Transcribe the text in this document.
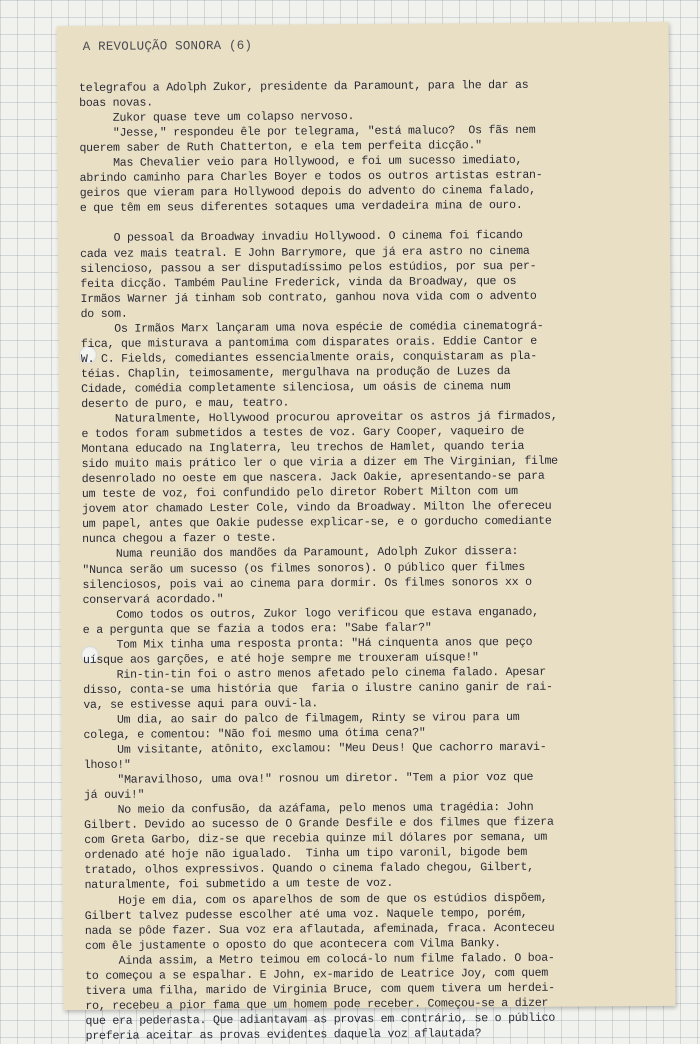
A REVOLUÇÃO SONORA (6)
telegrafou a Adolph Zukor, presidente da Paramount, para lhe dar as
boas novas.
Zukor quase teve um colapso nervoso.
"Jesse," respondeu êle por telegrama, "está maluco?  Os fãs nem
querem saber de Ruth Chatterton, e ela tem perfeita dicção."
Mas Chevalier veio para Hollywood, e foi um sucesso imediato,
abrindo caminho para Charles Boyer e todos os outros artistas estran-
geiros que vieram para Hollywood depois do advento do cinema falado,
e que têm em seus diferentes sotaques uma verdadeira mina de ouro.
O pessoal da Broadway invadiu Hollywood. O cinema foi ficando
cada vez mais teatral. E John Barrymore, que já era astro no cinema
silencioso, passou a ser disputadíssimo pelos estúdios, por sua per-
feita dicção. Também Pauline Frederick, vinda da Broadway, que os
Irmãos Warner já tinham sob contrato, ganhou nova vida com o advento
do som.
Os Irmãos Marx lançaram uma nova espécie de comédia cinematográ-
fica, que misturava a pantomima com disparates orais. Eddie Cantor e
W. C. Fields, comediantes essencialmente orais, conquistaram as pla-
téias. Chaplin, teimosamente, mergulhava na produção de Luzes da
Cidade, comédia completamente silenciosa, um oásis de cinema num
deserto de puro, e mau, teatro.
Naturalmente, Hollywood procurou aproveitar os astros já firmados,
e todos foram submetidos a testes de voz. Gary Cooper, vaqueiro de
Montana educado na Inglaterra, leu trechos de Hamlet, quando teria
sido muito mais prático ler o que viria a dizer em The Virginian, filme
desenrolado no oeste em que nascera. Jack Oakie, apresentando-se para
um teste de voz, foi confundido pelo diretor Robert Milton com um
jovem ator chamado Lester Cole, vindo da Broadway. Milton lhe ofereceu
um papel, antes que Oakie pudesse explicar-se, e o gorducho comediante
nunca chegou a fazer o teste.
Numa reunião dos mandões da Paramount, Adolph Zukor dissera:
"Nunca serão um sucesso (os filmes sonoros). O público quer filmes
silenciosos, pois vai ao cinema para dormir. Os filmes sonoros xx o
conservará acordado."
Como todos os outros, Zukor logo verificou que estava enganado,
e a pergunta que se fazia a todos era: "Sabe falar?"
Tom Mix tinha uma resposta pronta: "Há cinquenta anos que peço
uísque aos garções, e até hoje sempre me trouxeram uísque!"
Rin-tin-tin foi o astro menos afetado pelo cinema falado. Apesar
disso, conta-se uma história que  faria o ilustre canino ganir de rai-
va, se estivesse aqui para ouvi-la.
Um dia, ao sair do palco de filmagem, Rinty se virou para um
colega, e comentou: "Não foi mesmo uma ótima cena?"
Um visitante, atônito, exclamou: "Meu Deus! Que cachorro maravi-
lhoso!"
"Maravilhoso, uma ova!" rosnou um diretor. "Tem a pior voz que
já ouvi!"
No meio da confusão, da azáfama, pelo menos uma tragédia: John
Gilbert. Devido ao sucesso de O Grande Desfile e dos filmes que fizera
com Greta Garbo, diz-se que recebia quinze mil dólares por semana, um
ordenado até hoje não igualado.  Tinha um tipo varonil, bigode bem
tratado, olhos expressivos. Quando o cinema falado chegou, Gilbert,
naturalmente, foi submetido a um teste de voz.
Hoje em dia, com os aparelhos de som de que os estúdios dispõem,
Gilbert talvez pudesse escolher até uma voz. Naquele tempo, porém,
nada se pôde fazer. Sua voz era aflautada, afeminada, fraca. Aconteceu
com êle justamente o oposto do que acontecera com Vilma Banky.
Ainda assim, a Metro teimou em colocá-lo num filme falado. O boa-
to começou a se espalhar. E John, ex-marido de Leatrice Joy, com quem
tivera uma filha, marido de Virginia Bruce, com quem tivera um herdei-
ro, recebeu a pior fama que um homem pode receber. Começou-se a dizer
que era pederasta. Que adiantavam as provas em contrário, se o público
preferia aceitar as provas evidentes daquela voz aflautada?
